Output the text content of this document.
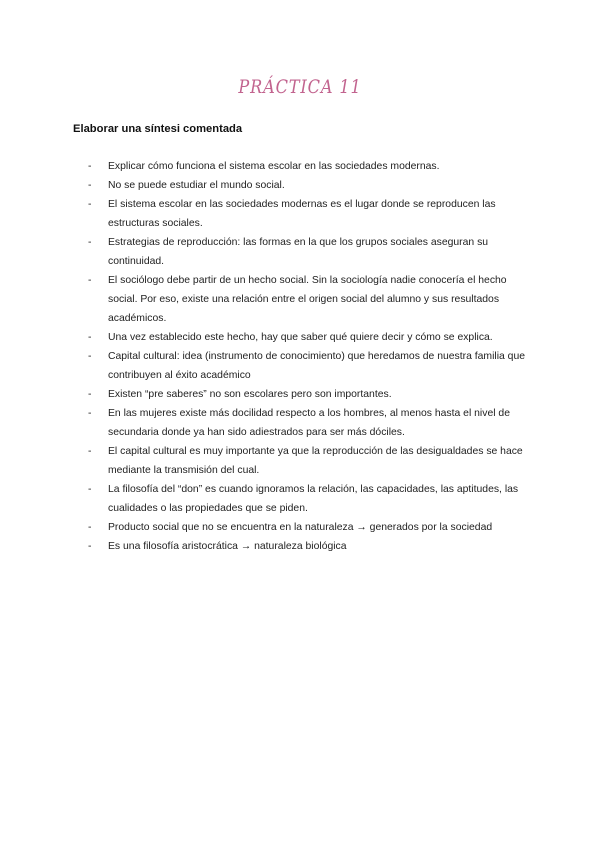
PRÁCTICA 11
Elaborar una síntesi comentada
-	Explicar cómo funciona el sistema escolar en las sociedades modernas.
-	No se puede estudiar el mundo social.
-	El sistema escolar en las sociedades modernas es el lugar donde se reproducen las estructuras sociales.
-	Estrategias de reproducción: las formas en la que los grupos sociales aseguran su continuidad.
-	El sociólogo debe partir de un hecho social. Sin la sociología nadie conocería el hecho social. Por eso, existe una relación entre el origen social del alumno y sus resultados académicos.
-	Una vez establecido este hecho, hay que saber qué quiere decir y cómo se explica.
-	Capital cultural: idea (instrumento de conocimiento) que heredamos de nuestra familia que contribuyen al éxito académico
-	Existen “pre saberes” no son escolares pero son importantes.
-	En las mujeres existe más docilidad respecto a los hombres, al menos hasta el nivel de secundaria donde ya han sido adiestrados para ser más dóciles.
-	El capital cultural es muy importante ya que la reproducción de las desigualdades se hace mediante la transmisión del cual.
-	La filosofía del “don” es cuando ignoramos la relación, las capacidades, las aptitudes, las cualidades o las propiedades que se piden.
-	Producto social que no se encuentra en la naturaleza → generados por la sociedad
-	Es una filosofía aristocrática → naturaleza biológica
